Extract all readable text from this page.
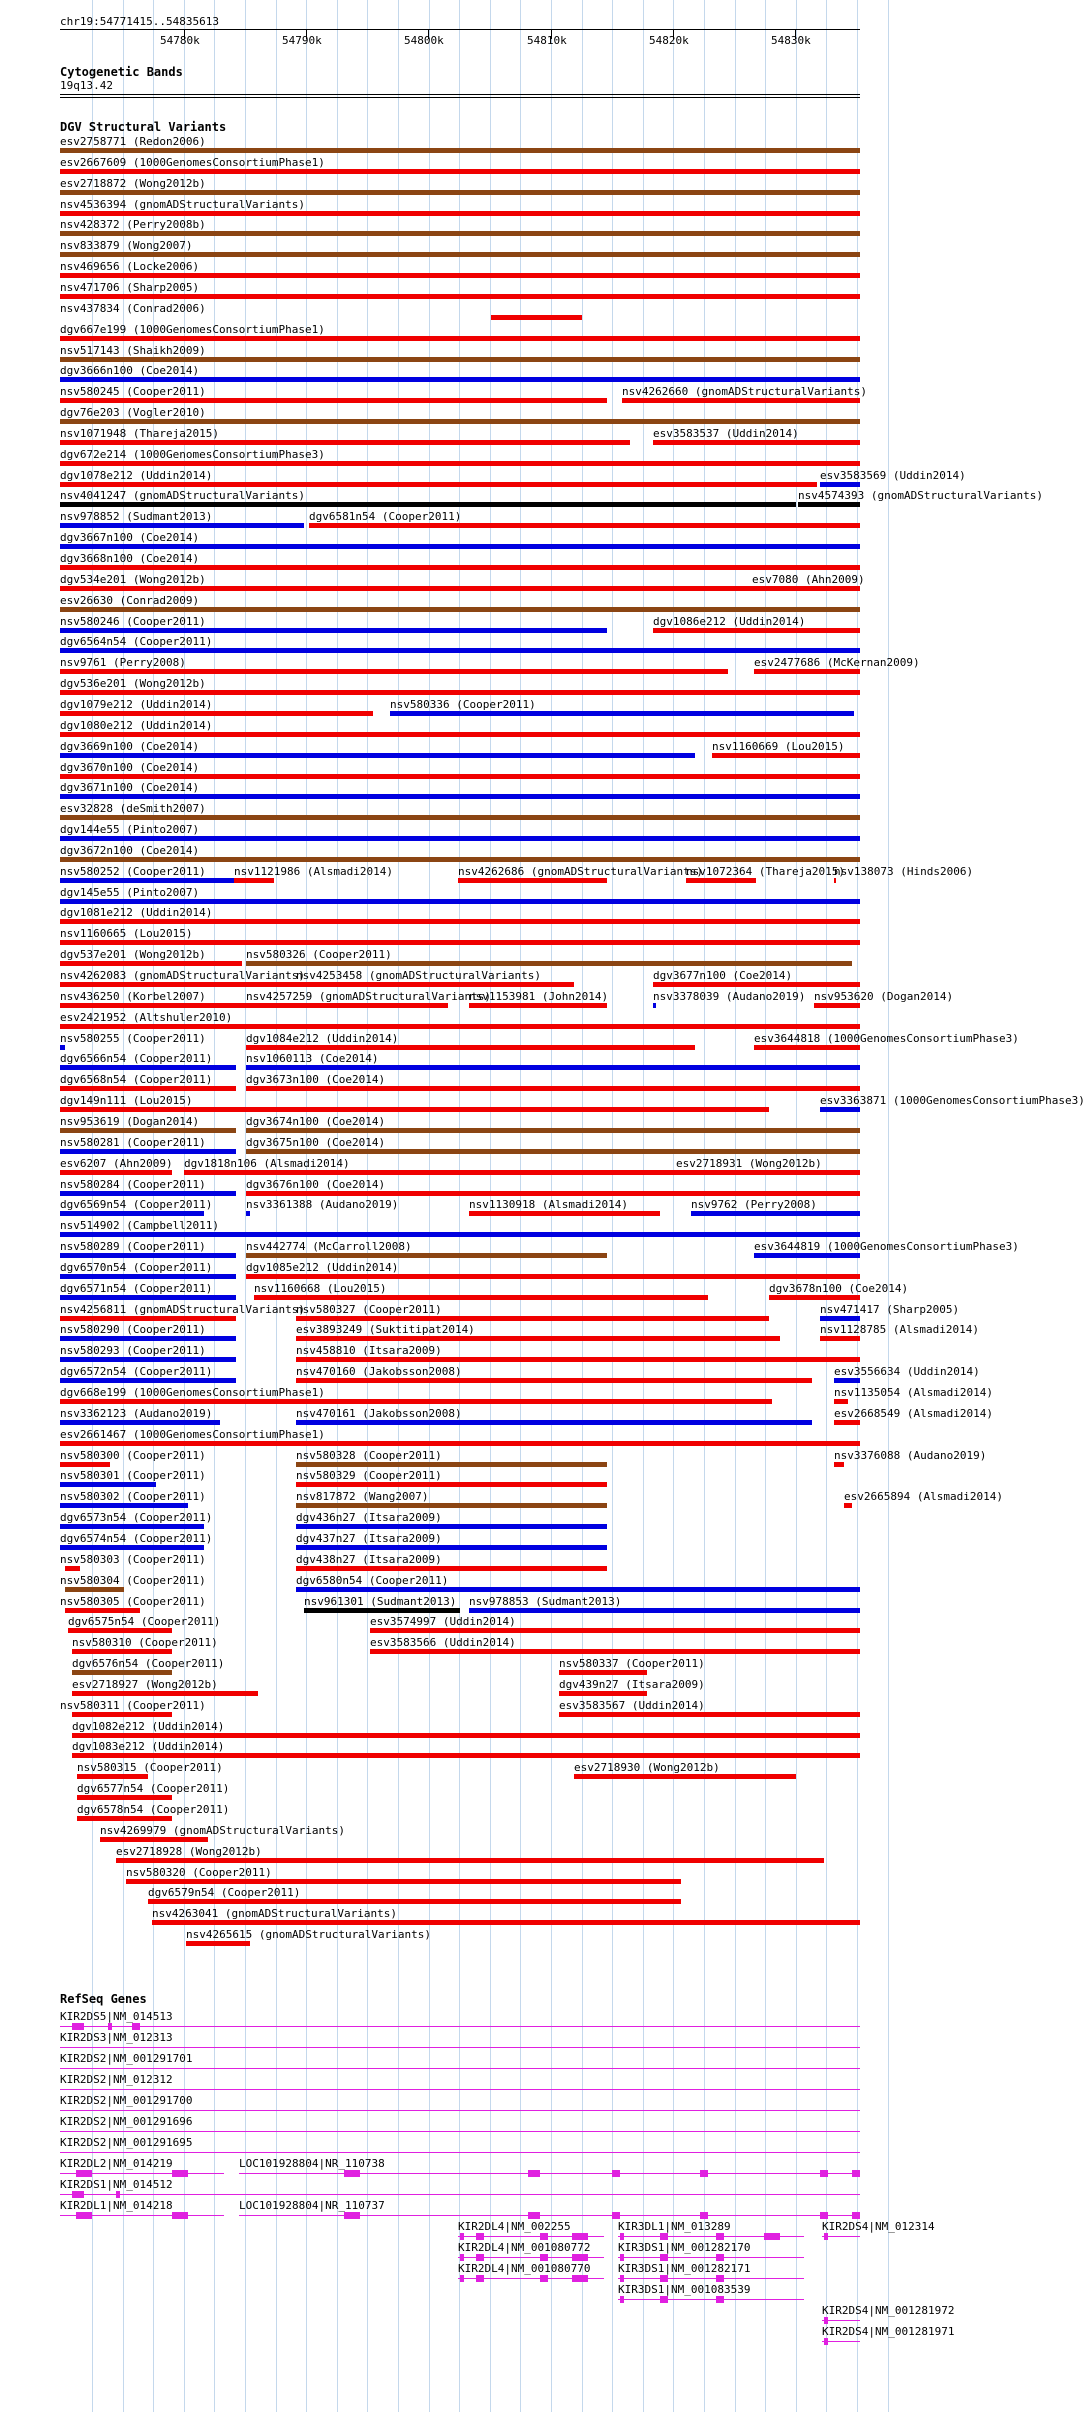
chr19:54771415..54835613
54780k	54790k	54800k	54810k	54820k	54830k
Cytogenetic Bands
19q13.42
DGV Structural Variants
esv2758771 (Redon2006)
esv2667609 (1000GenomesConsortiumPhase1)
esv2718872 (Wong2012b)
nsv4536394 (gnomADStructuralVariants)
nsv428372 (Perry2008b)
nsv833879 (Wong2007)
nsv469656 (Locke2006)
nsv471706 (Sharp2005)
nsv437834 (Conrad2006)
dgv667e199 (1000GenomesConsortiumPhase1)
nsv517143 (Shaikh2009)
dgv3666n100 (Coe2014)
nsv580245 (Cooper2011)	nsv4262660 (gnomADStructuralVariants)
dgv76e203 (Vogler2010)
nsv1071948 (Thareja2015)	esv3583537 (Uddin2014)
dgv672e214 (1000GenomesConsortiumPhase3)
dgv1078e212 (Uddin2014)	esv3583569 (Uddin2014)
nsv4041247 (gnomADStructuralVariants)	nsv4574393 (gnomADStructuralVariants)
nsv978852 (Sudmant2013)	dgv6581n54 (Cooper2011)
dgv3667n100 (Coe2014)
dgv3668n100 (Coe2014)
dgv534e201 (Wong2012b)	esv7080 (Ahn2009)
esv26630 (Conrad2009)
nsv580246 (Cooper2011)	dgv1086e212 (Uddin2014)
dgv6564n54 (Cooper2011)
nsv9761 (Perry2008)	esv2477686 (McKernan2009)
dgv536e201 (Wong2012b)
dgv1079e212 (Uddin2014)	nsv580336 (Cooper2011)
dgv1080e212 (Uddin2014)
dgv3669n100 (Coe2014)	nsv1160669 (Lou2015)
dgv3670n100 (Coe2014)
dgv3671n100 (Coe2014)
esv32828 (deSmith2007)
dgv144e55 (Pinto2007)
dgv3672n100 (Coe2014)
nsv580252 (Cooper2011)	nsv1121986 (Alsmadi2014)	nsv4262686 (gnomADStructuralVariants)
nsv1072364 (Thareja2015)
nsv138073 (Hinds2006)
dgv145e55 (Pinto2007)
dgv1081e212 (Uddin2014)
nsv1160665 (Lou2015)
dgv537e201 (Wong2012b)	nsv580326 (Cooper2011)
nsv4262083 (gnomADStructuralVariants)
nsv4253458 (gnomADStructuralVariants)	dgv3677n100 (Coe2014)
nsv436250 (Korbel2007)	nsv4257259 (gnomADStructuralVariants)
nsv1153981 (John2014)	nsv3378039 (Audano2019) nsv953620 (Dogan2014)
esv2421952 (Altshuler2010)
nsv580255 (Cooper2011)	dgv1084e212 (Uddin2014)	esv3644818 (1000GenomesConsortiumPhase3)
dgv6566n54 (Cooper2011)	nsv1060113 (Coe2014)
dgv6568n54 (Cooper2011)	dgv3673n100 (Coe2014)
dgv149n111 (Lou2015)	esv3363871 (1000GenomesConsortiumPhase3)
nsv953619 (Dogan2014)	dgv3674n100 (Coe2014)
nsv580281 (Cooper2011)	dgv3675n100 (Coe2014)
esv6207 (Ahn2009) dgv1818n106 (Alsmadi2014)	esv2718931 (Wong2012b)
nsv580284 (Cooper2011)	dgv3676n100 (Coe2014)
dgv6569n54 (Cooper2011)	nsv3361388 (Audano2019)	nsv1130918 (Alsmadi2014)	nsv9762 (Perry2008)
nsv514902 (Campbell2011)
nsv580289 (Cooper2011)	nsv442774 (McCarroll2008)	esv3644819 (1000GenomesConsortiumPhase3)
dgv6570n54 (Cooper2011)	dgv1085e212 (Uddin2014)
dgv6571n54 (Cooper2011)	nsv1160668 (Lou2015)	dgv3678n100 (Coe2014)
nsv4256811 (gnomADStructuralVariants)
nsv580327 (Cooper2011)	nsv471417 (Sharp2005)
nsv580290 (Cooper2011)	esv3893249 (Suktitipat2014)	nsv1128785 (Alsmadi2014)
nsv580293 (Cooper2011)	nsv458810 (Itsara2009)
dgv6572n54 (Cooper2011)	nsv470160 (Jakobsson2008)	esv3556634 (Uddin2014)
dgv668e199 (1000GenomesConsortiumPhase1)	nsv1135054 (Alsmadi2014)
nsv3362123 (Audano2019)	nsv470161 (Jakobsson2008)	esv2668549 (Alsmadi2014)
esv2661467 (1000GenomesConsortiumPhase1)
nsv580300 (Cooper2011)	nsv580328 (Cooper2011)	nsv3376088 (Audano2019)
nsv580301 (Cooper2011)	nsv580329 (Cooper2011)
nsv580302 (Cooper2011)	nsv817872 (Wang2007)	esv2665894 (Alsmadi2014)
dgv6573n54 (Cooper2011)	dgv436n27 (Itsara2009)
dgv6574n54 (Cooper2011)	dgv437n27 (Itsara2009)
nsv580303 (Cooper2011)	dgv438n27 (Itsara2009)
nsv580304 (Cooper2011)	dgv6580n54 (Cooper2011)
nsv580305 (Cooper2011)	nsv961301 (Sudmant2013) nsv978853 (Sudmant2013)
dgv6575n54 (Cooper2011)	esv3574997 (Uddin2014)
nsv580310 (Cooper2011)	esv3583566 (Uddin2014)
dgv6576n54 (Cooper2011)	nsv580337 (Cooper2011)
esv2718927 (Wong2012b)	dgv439n27 (Itsara2009)
nsv580311 (Cooper2011)	esv3583567 (Uddin2014)
dgv1082e212 (Uddin2014)
dgv1083e212 (Uddin2014)
nsv580315 (Cooper2011)	esv2718930 (Wong2012b)
dgv6577n54 (Cooper2011)
dgv6578n54 (Cooper2011)
nsv4269979 (gnomADStructuralVariants)
esv2718928 (Wong2012b)
nsv580320 (Cooper2011)
dgv6579n54 (Cooper2011)
nsv4263041 (gnomADStructuralVariants)
nsv4265615 (gnomADStructuralVariants)
RefSeq Genes
KIR2DS5|NM_014513
KIR2DS3|NM_012313
KIR2DS2|NM_001291701
KIR2DS2|NM_012312
KIR2DS2|NM_001291700
KIR2DS2|NM_001291696
KIR2DS2|NM_001291695
KIR2DL2|NM_014219	LOC101928804|NR_110738
KIR2DS1|NM_014512
KIR2DL1|NM_014218	LOC101928804|NR_110737
KIR2DL4|NM_002255	KIR3DL1|NM_013289	KIR2DS4|NM_012314
KIR2DL4|NM_001080772	KIR3DS1|NM_001282170
KIR2DL4|NM_001080770	KIR3DS1|NM_001282171
KIR3DS1|NM_001083539
KIR2DS4|NM_001281972
KIR2DS4|NM_001281971
